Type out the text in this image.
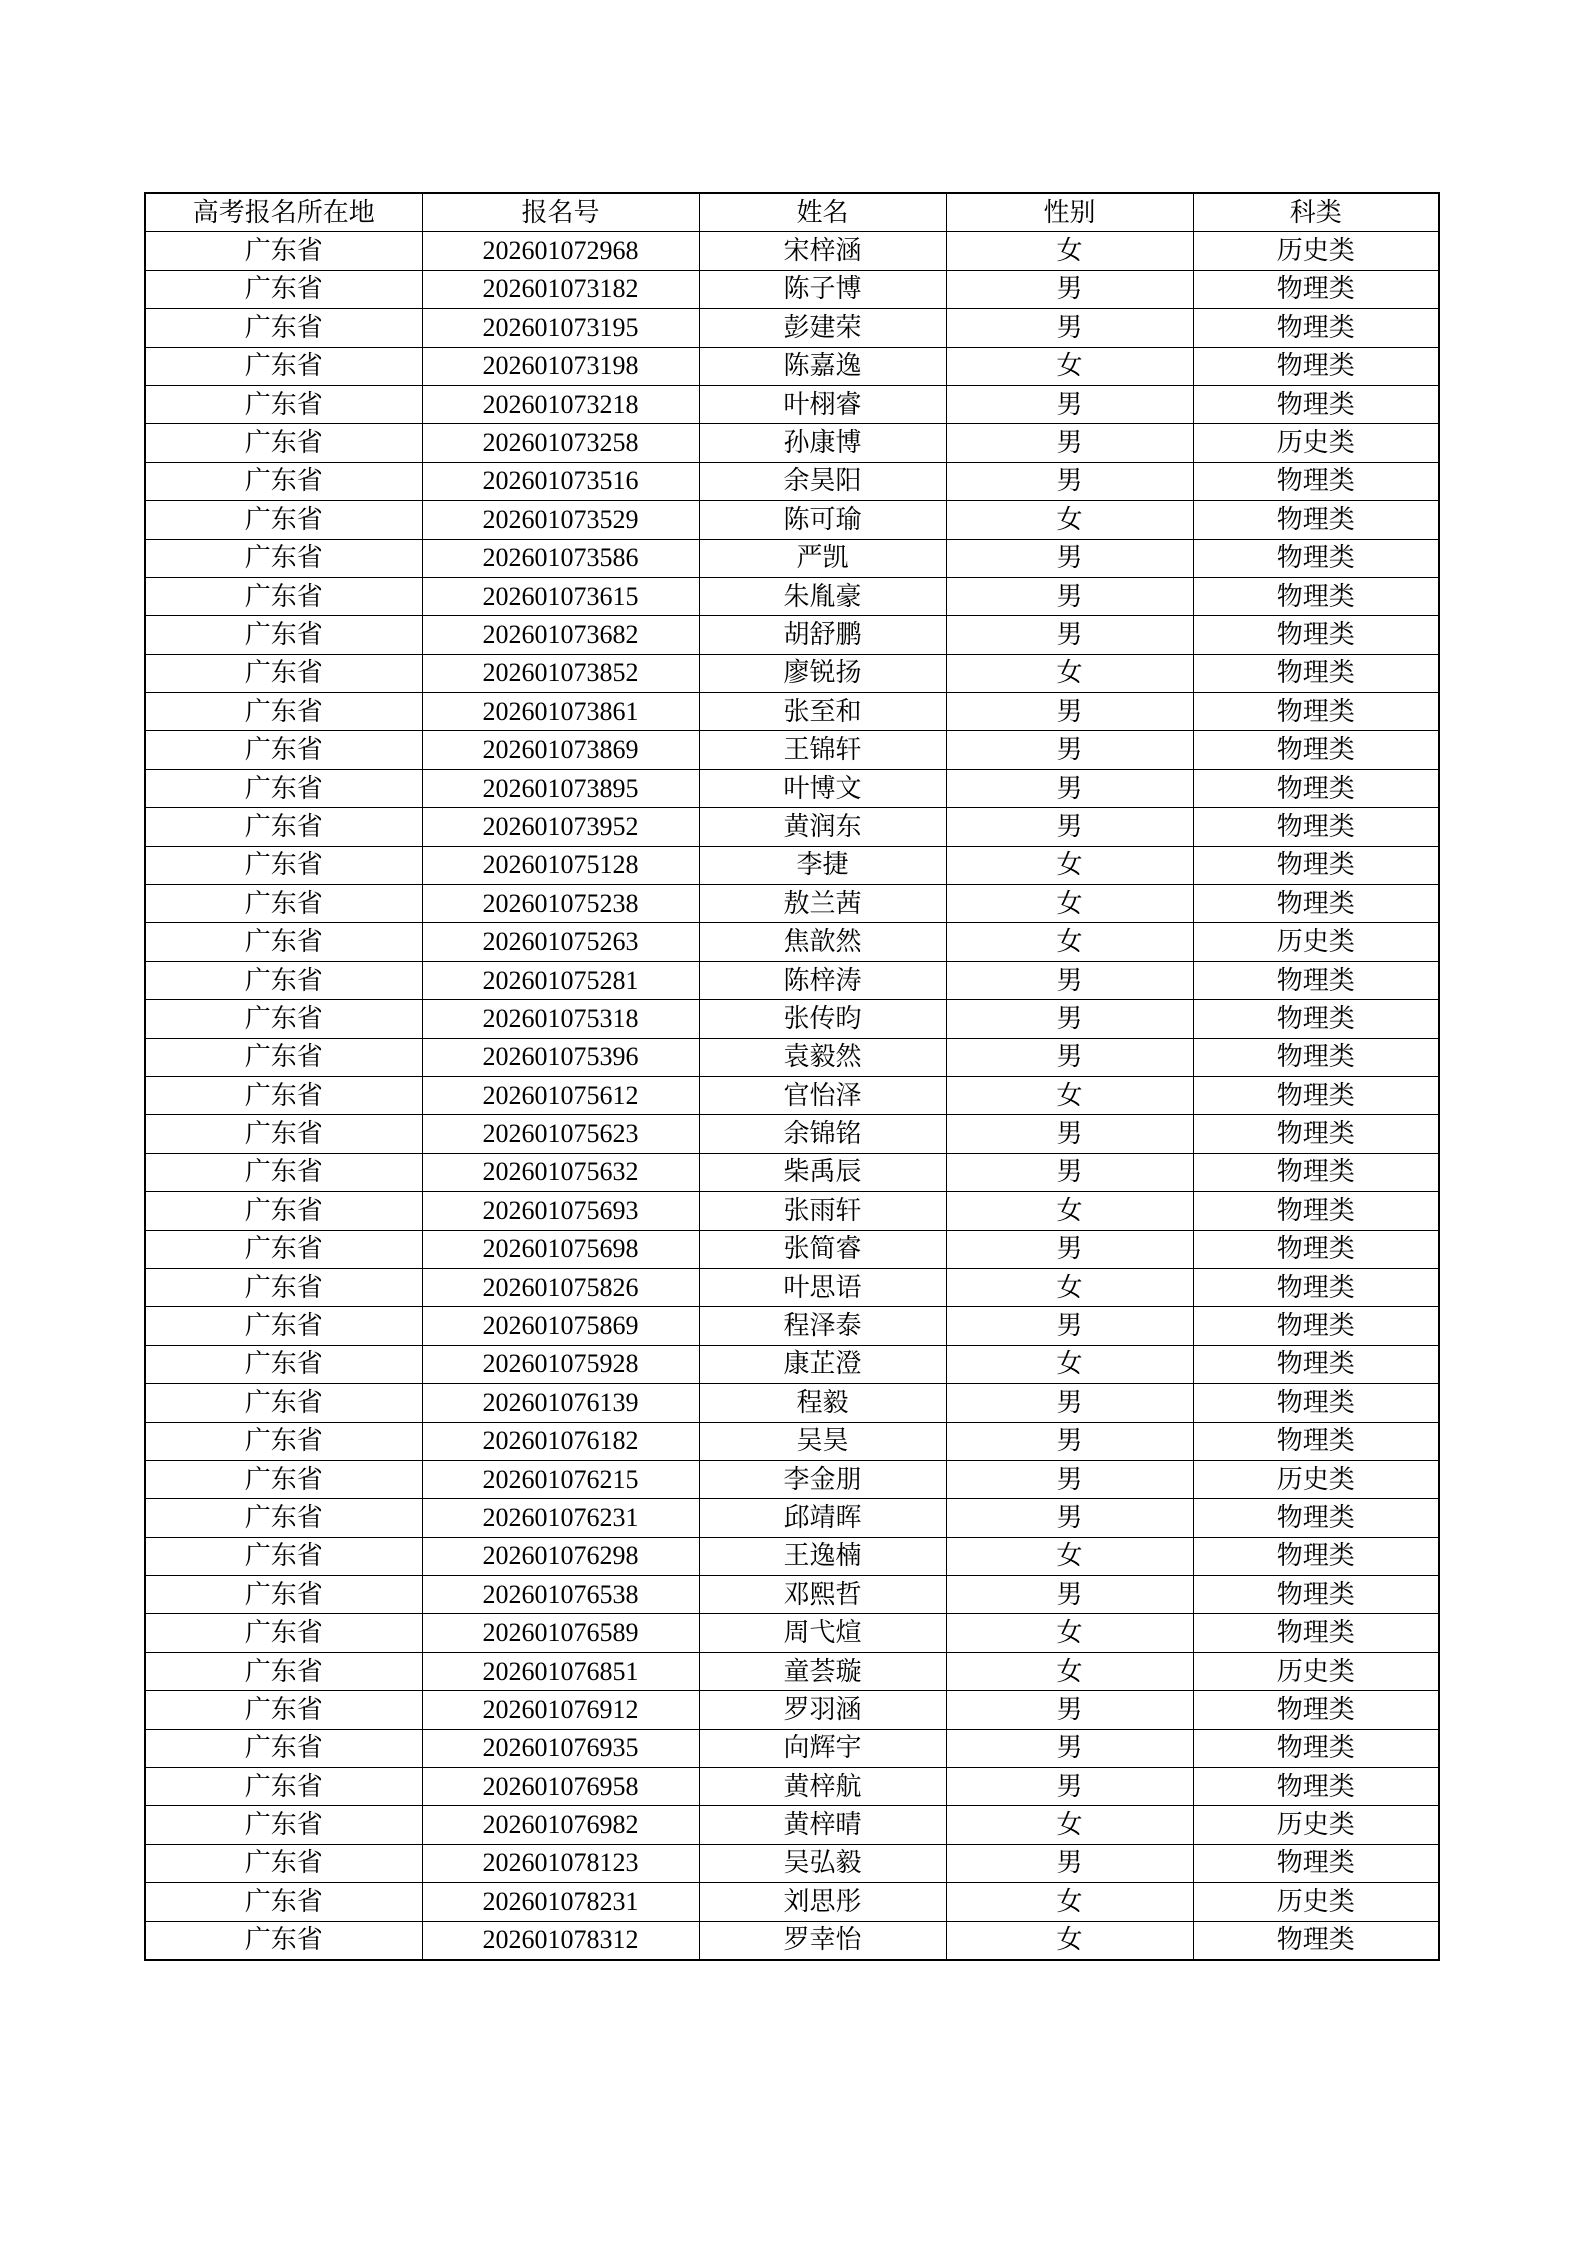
高考报名所在地	报名号	姓名	性别	科类
广东省	202601072968	宋梓涵	女	历史类
广东省	202601073182	陈子博	男	物理类
广东省	202601073195	彭建荣	男	物理类
广东省	202601073198	陈嘉逸	女	物理类
广东省	202601073218	叶栩睿	男	物理类
广东省	202601073258	孙康博	男	历史类
广东省	202601073516	余昊阳	男	物理类
广东省	202601073529	陈可瑜	女	物理类
广东省	202601073586	严凯	男	物理类
广东省	202601073615	朱胤豪	男	物理类
广东省	202601073682	胡舒鹏	男	物理类
广东省	202601073852	廖锐扬	女	物理类
广东省	202601073861	张至和	男	物理类
广东省	202601073869	王锦轩	男	物理类
广东省	202601073895	叶博文	男	物理类
广东省	202601073952	黄润东	男	物理类
广东省	202601075128	李捷	女	物理类
广东省	202601075238	敖兰茜	女	物理类
广东省	202601075263	焦歆然	女	历史类
广东省	202601075281	陈梓涛	男	物理类
广东省	202601075318	张传昀	男	物理类
广东省	202601075396	袁毅然	男	物理类
广东省	202601075612	官怡泽	女	物理类
广东省	202601075623	余锦铭	男	物理类
广东省	202601075632	柴禹辰	男	物理类
广东省	202601075693	张雨轩	女	物理类
广东省	202601075698	张简睿	男	物理类
广东省	202601075826	叶思语	女	物理类
广东省	202601075869	程泽泰	男	物理类
广东省	202601075928	康芷澄	女	物理类
广东省	202601076139	程毅	男	物理类
广东省	202601076182	吴昊	男	物理类
广东省	202601076215	李金朋	男	历史类
广东省	202601076231	邱靖晖	男	物理类
广东省	202601076298	王逸楠	女	物理类
广东省	202601076538	邓熙哲	男	物理类
广东省	202601076589	周弋煊	女	物理类
广东省	202601076851	童荟璇	女	历史类
广东省	202601076912	罗羽涵	男	物理类
广东省	202601076935	向辉宇	男	物理类
广东省	202601076958	黄梓航	男	物理类
广东省	202601076982	黄梓晴	女	历史类
广东省	202601078123	吴弘毅	男	物理类
广东省	202601078231	刘思彤	女	历史类
广东省	202601078312	罗幸怡	女	物理类
